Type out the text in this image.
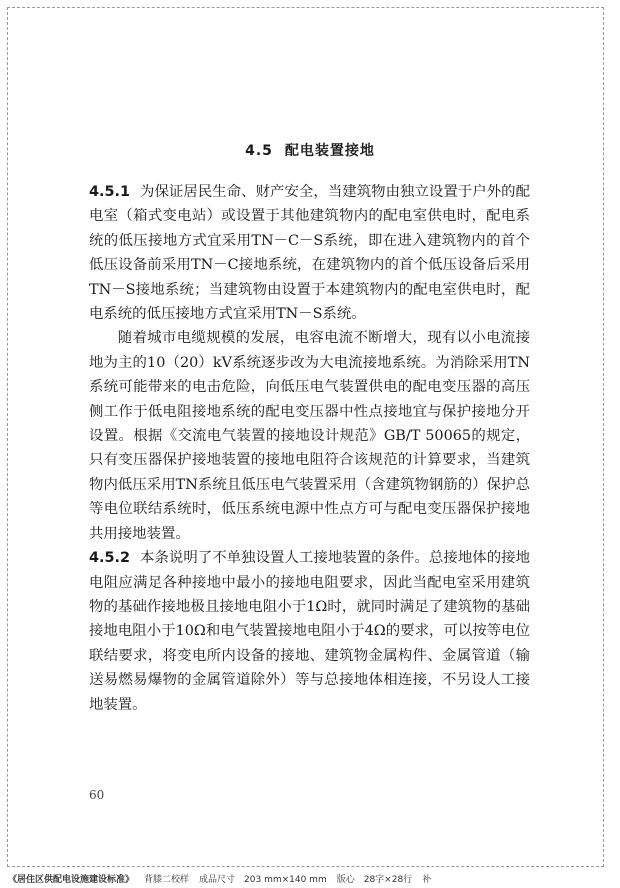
4.5 配电装置接地

4.5.1 为保证居民生命、财产安全，当建筑物由独立设置于户外的配电室（箱式变电站）或设置于其他建筑物内的配电室供电时，配电系统的低压接地方式宜采用TN－C－S系统，即在进入建筑物内的首个低压设备前采用TN－C接地系统，在建筑物内的首个低压设备后采用TN－S接地系统；当建筑物由设置于本建筑物内的配电室供电时，配电系统的低压接地方式宜采用TN－S系统。

随着城市电缆规模的发展，电容电流不断增大，现有以小电流接地为主的10（20）kV系统逐步改为大电流接地系统。为消除采用TN系统可能带来的电击危险，向低压电气装置供电的配电变压器的高压侧工作于低电阻接地系统的配电变压器中性点接地宜与保护接地分开设置。根据《交流电气装置的接地设计规范》GB/T 50065的规定，只有变压器保护接地装置的接地电阻符合该规范的计算要求，当建筑物内低压采用TN系统且低压电气装置采用（含建筑物钢筋的）保护总等电位联结系统时，低压系统电源中性点方可与配电变压器保护接地共用接地装置。

4.5.2 本条说明了不单独设置人工接地装置的条件。总接地体的接地电阻应满足各种接地中最小的接地电阻要求，因此当配电室采用建筑物的基础作接地极且接地电阻小于1Ω时，就同时满足了建筑物的基础接地电阻小于10Ω和电气装置接地电阻小于4Ω的要求，可以按等电位联结要求，将变电所内设备的接地、建筑物金属构件、金属管道（输送易燃易爆物的金属管道除外）等与总接地体相连接，不另设人工接地装置。

60
《居住区供配电设施建设标准》 背膝二校样 成品尺寸　203 mm×140 mm 版心　28字×28行 补
